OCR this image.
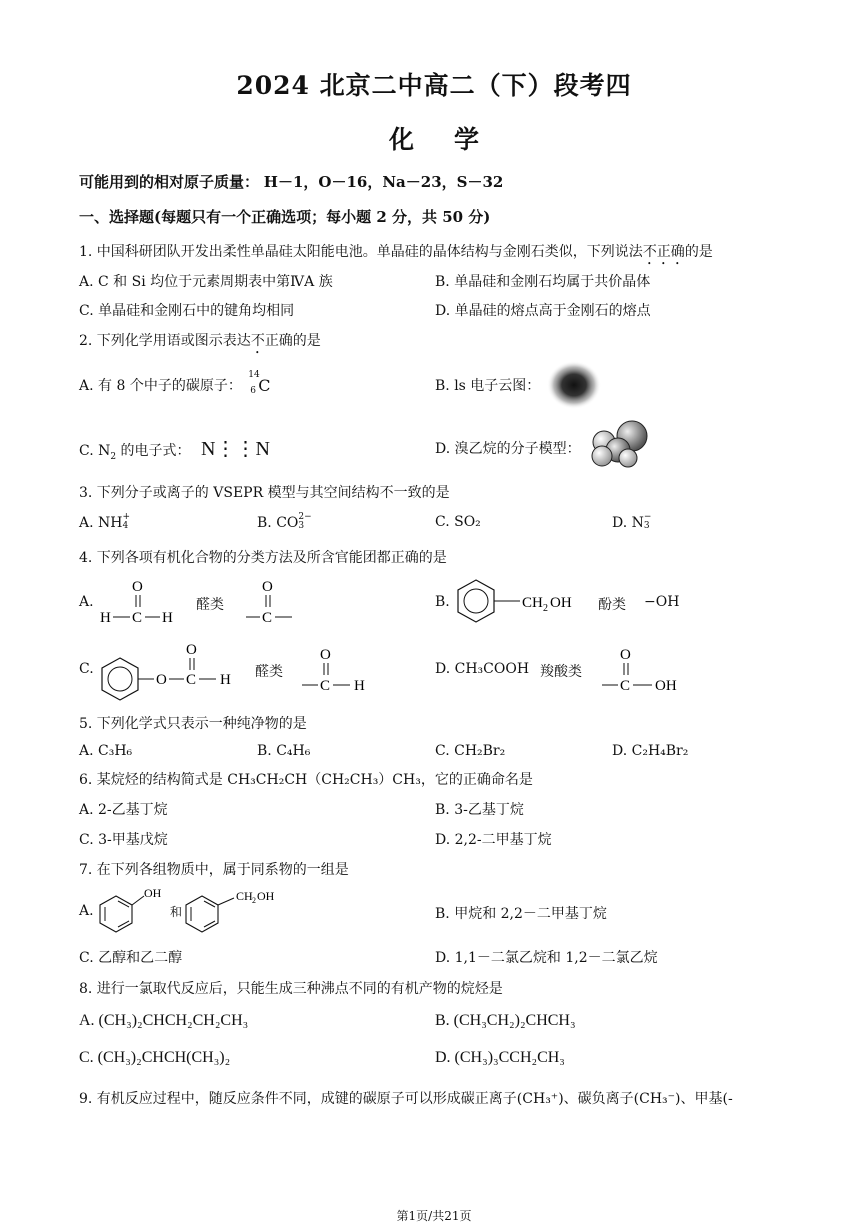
2024 北京二中高二（下）段考四
化学
可能用到的相对原子质量： H－1，O－16，Na－23，S－32
一、选择题(每题只有一个正确选项；每小题 2 分，共 50 分)
1. 中国科研团队开发出柔性单晶硅太阳能电池。单晶硅的晶体结构与金刚石类似，下列说法不正确的是
A. C 和 Si 均位于元素周期表中第ⅣA 族	B. 单晶硅和金刚石均属于共价晶体
C. 单晶硅和金刚石中的键角均相同	D. 单晶硅的熔点高于金刚石的熔点
2. 下列化学用语或图示表达不正确的是
A. 有 8 个中子的碳原子：
14
6 C	B. ls 电子云图：
C. $N_2$ 的电子式： N⋮⋮N	D. 溴乙烷的分子模型：
3. 下列分子或离子的 VSEPR 模型与其空间结构不一致的是
A. NH +
4	B. CO 2−
3	C. SO₂	D. N −
3
4. 下列各项有机化合物的分类方法及所含官能团都正确的是
A.
O
H C H
醛类
O
C
B.	CH 2 OH 酚类 −OH
C.
O C
O
H 醛类
O
C H
D. CH₃COOH 羧酸类
O
C OH
5. 下列化学式只表示一种纯净物的是
A. C₃H₆	B. C₄H₆	C. CH₂Br₂	D. C₂H₄Br₂
6. 某烷烃的结构简式是 CH₃CH₂CH（CH₂CH₃）CH₃，它的正确命名是
A. 2-乙基丁烷	B. 3-乙基丁烷
C. 3-甲基戊烷	D. 2,2-二甲基丁烷
7. 在下列各组物质中，属于同系物的一组是
A.
OH
和
CH 2 OH
B. 甲烷和 2,2－二甲基丁烷
C. 乙醇和乙二醇	D. 1,1－二氯乙烷和 1,2－二氯乙烷
8. 进行一氯取代反应后，只能生成三种沸点不同的有机产物的烷烃是
A. (CH₃)₂CHCH₂CH₂CH₃	B. (CH₃CH₂)₂CHCH₃
C. (CH₃)₂CHCH(CH₃)₂	D. (CH₃)₃CCH₂CH₃
9. 有机反应过程中，随反应条件不同，成键的碳原子可以形成碳正离子(CH₃⁺)、碳负离子(CH₃⁻)、甲基(-
第1页/共21页
